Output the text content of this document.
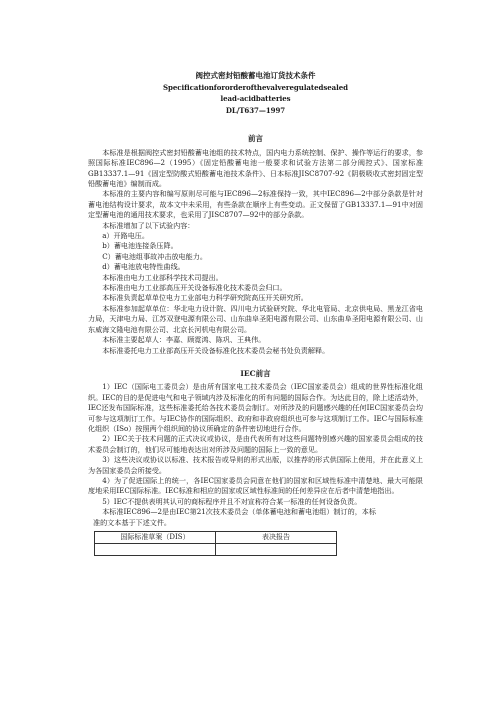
阀控式密封铅酸蓄电池订货技术条件
Specificationfororderofthevalveregulatedsealed
lead-acidbatteries
DL/T637—1997
前言

本标准是根据阀控式密封铅酸蓄电池组的技术特点，国内电力系统控制、保护、操作等运行的要求，参照国际标准IEC896—2（1995）《固定铅酸蓄电池一般要求和试验方法第二部分阀控式》、国家标准GB13337.1—91《固定型防酸式铅酸蓄电池技术条件》、日本标准JISC8707-92《阴极吸收式密封固定型铅酸蓄电池》编制而成。

本标准的主要内容和编写原则尽可能与IEC896—2标准保持一致，其中IEC896—2中部分条款是针对蓄电池结构设计要求，故本文中未采用，有些条款在顺序上有些变动。正文保留了GB13337.1—91中对固定型蓄电池的通用技术要求，也采用了JISC8707—92中的部分条款。

本标准增加了以下试验内容：

a）开路电压。

b）蓄电池连接条压降。

C）蓄电池组事故冲击放电能力。

d）蓄电池放电特性曲线。

本标准由电力工业部科学技术司提出。

本标准由电力工业部高压开关设备标准化技术委员会归口。

本标准负责起草单位电力工业部电力科学研究院高压开关研究所。

本标准参加起草单位：华北电力设计院、四川电力试验研究院、华北电管局、北京供电局、黑龙江省电力局，天津电力局、江苏双登电源有限公司、山东曲阜圣阳电源有限公司、山东曲阜圣阳电源有限公司、山东威海文隆电池有限公司、北京长河机电有限公司。

本标准主要起草人：李嘉、顾霓鸿、陈巩、王典伟。

本标准委托电力工业部高压开关设备标准化技术委员会秘书处负责解释。

IEC前言

1）IEC（国际电工委员会）是由所有国家电工技术委员会（IEC国家委员会）组成的世界性标准化组织。IEC的目的是促进电气和电子领域内涉及标准化的所有问题的国际合作。为达此目的，除上述活动外，IEC还发布国际标准，这些标准委托给各技术委员会制订。对所涉及的问题感兴趣的任何IEC国家委员会均可参与这项制订工作。与IEC协作的国际组织、政府和非政府组织也可参与这项制订工作。IEC与国际标准化组织（ISo）按照两个组织间的协议所确定的条件密切地进行合作。

2）IEC关于技术问题的正式决议或协议，是由代表所有对这些问题特别感兴趣的国家委员会组成的技术委员会制订的，他们尽可能地表达出对所涉及问题的国际上一致的意见。

3）这些决议或协议以标准、技术报告或导则的形式出版，以推荐的形式供国际上使用，并在此意义上为各国家委员会所接受。

4）为了促进国际上的统一，各IEC国家委员会同意在他们的国家和区域性标准中清楚地、最大可能限度地采用IEC国际标准。IEC标准和相应的国家或区域性标准间的任何差异应在后者中清楚地指出。

5）IEC不提供表明其认可的商标程序并且不对宣称符合某一标准的任何设备负责。

本标准IEC896—2是由IEC第21次技术委员会（单体蓄电池和蓄电池组）制订的，本标

准的文本基于下述文件。

国际标准草案（DIS）	表决报告
